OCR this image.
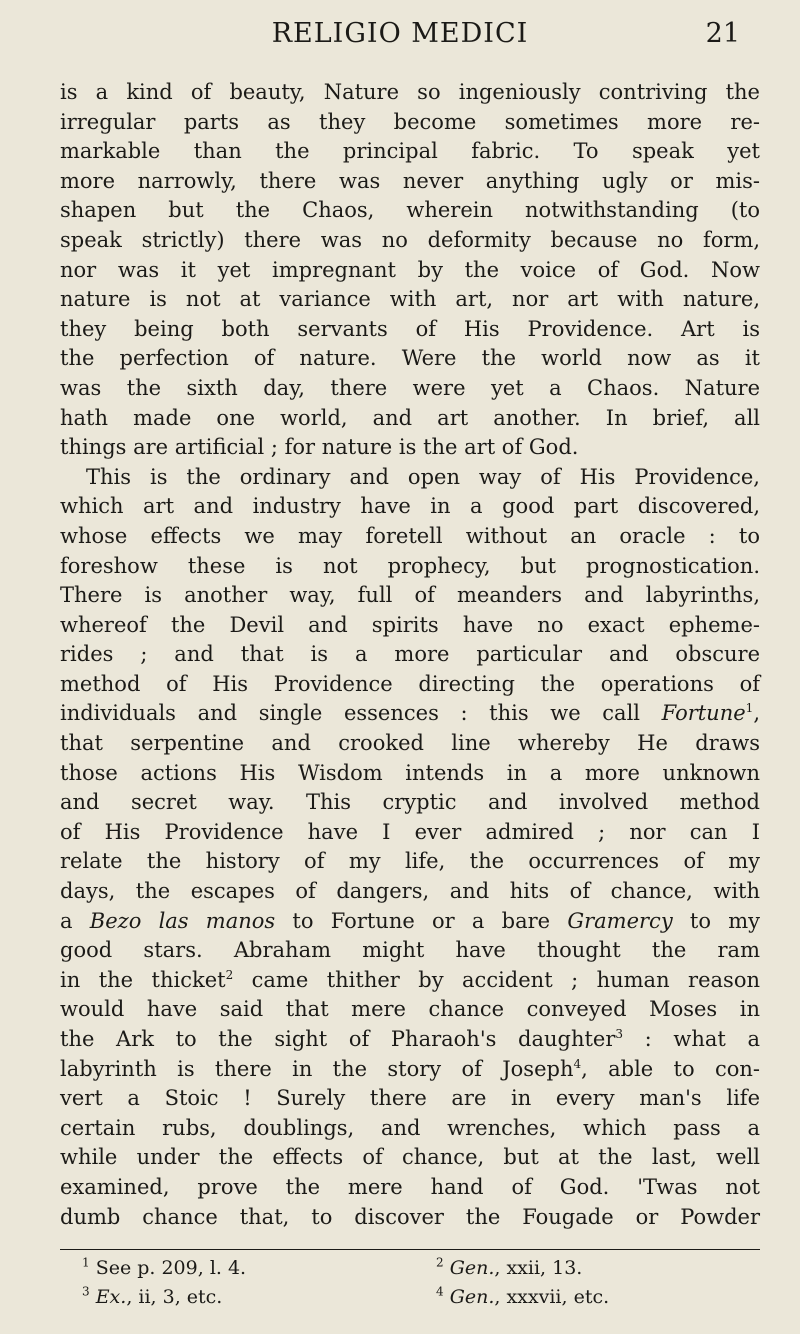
RELIGIO MEDICI	21
is a kind of beauty, Nature so ingeniously contriving the
irregular parts as they become sometimes more re-
markable than the principal fabric. To speak yet
more narrowly, there was never anything ugly or mis-
shapen but the Chaos, wherein notwithstanding (to
speak strictly) there was no deformity because no form,
nor was it yet impregnant by the voice of God. Now
nature is not at variance with art, nor art with nature,
they being both servants of His Providence. Art is
the perfection of nature. Were the world now as it
was the sixth day, there were yet a Chaos. Nature
hath made one world, and art another. In brief, all
things are artificial ; for nature is the art of God.
This is the ordinary and open way of His Providence,
which art and industry have in a good part discovered,
whose effects we may foretell without an oracle : to
foreshow these is not prophecy, but prognostication.
There is another way, full of meanders and labyrinths,
whereof the Devil and spirits have no exact epheme-
rides ; and that is a more particular and obscure
method of His Providence directing the operations of
individuals and single essences : this we call Fortune$^1$,
that serpentine and crooked line whereby He draws
those actions His Wisdom intends in a more unknown
and secret way. This cryptic and involved method
of His Providence have I ever admired ; nor can I
relate the history of my life, the occurrences of my
days, the escapes of dangers, and hits of chance, with
a Bezo las manos to Fortune or a bare Gramercy to my
good stars. Abraham might have thought the ram
in the thicket$^2$ came thither by accident ; human reason
would have said that mere chance conveyed Moses in
the Ark to the sight of Pharaoh's daughter$^3$ : what a
labyrinth is there in the story of Joseph$^4$, able to con-
vert a Stoic ! Surely there are in every man's life
certain rubs, doublings, and wrenches, which pass a
while under the effects of chance, but at the last, well
examined, prove the mere hand of God. 'Twas not
dumb chance that, to discover the Fougade or Powder
$^1$ See p. 209, l. 4.	$^2$ Gen., xxii, 13.
$^3$ Ex., ii, 3, etc.	$^4$ Gen., xxxvii, etc.
